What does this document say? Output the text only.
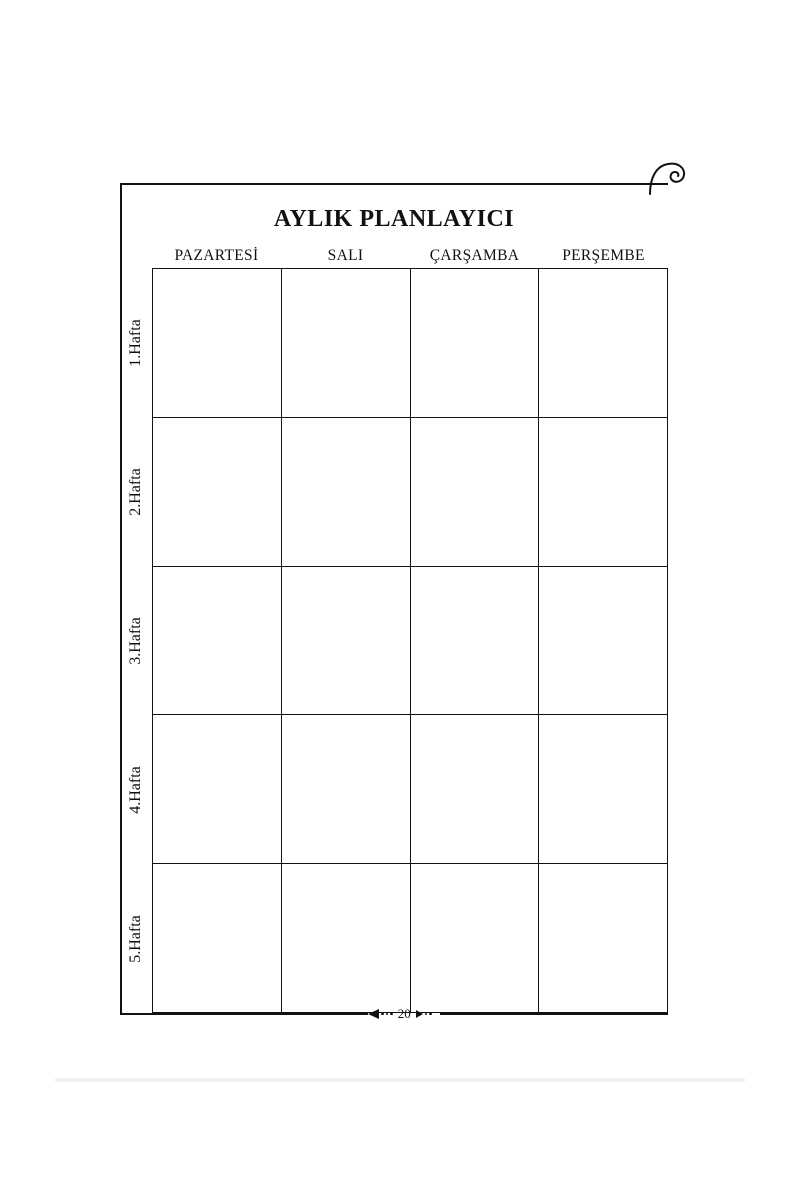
AYLIK PLANLAYICI
PAZARTESİ	SALI	ÇARŞAMBA	PERŞEMBE
1.Hafta
2.Hafta
3.Hafta
4.Hafta
5.Hafta
20
